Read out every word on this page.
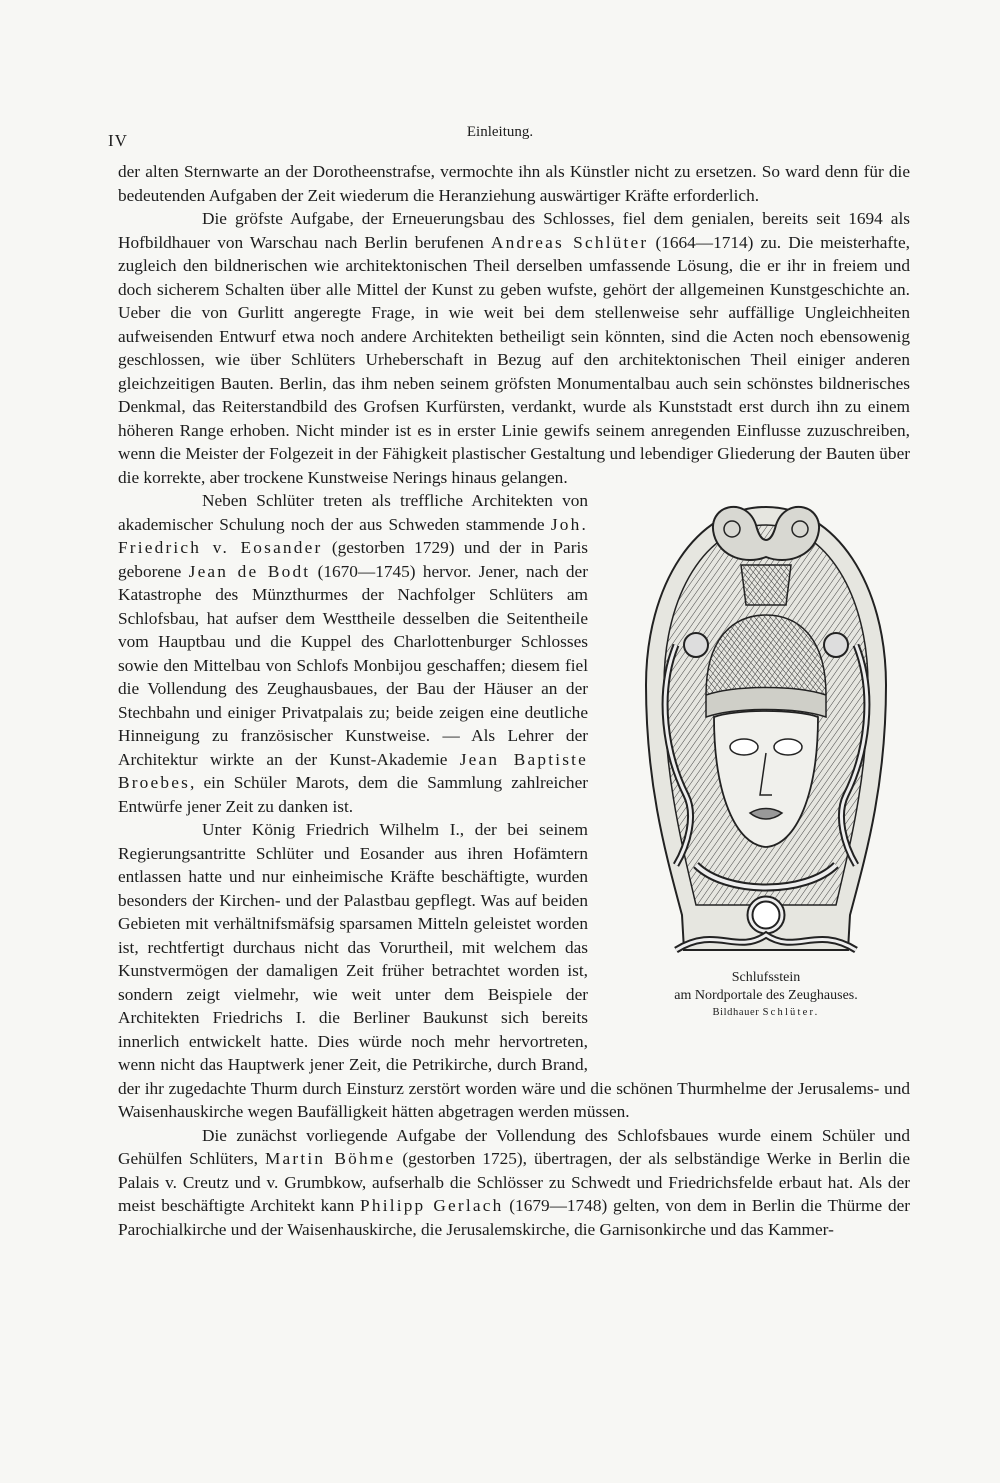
IV	Einleitung.

der alten Sternwarte an der Dorotheenstrafse, vermochte ihn als Künstler nicht zu ersetzen. So ward denn für die bedeutenden Aufgaben der Zeit wiederum die Heranziehung auswärtiger Kräfte erforderlich.

Die gröfste Aufgabe, der Erneuerungsbau des Schlosses, fiel dem genialen, bereits seit 1694 als Hofbildhauer von Warschau nach Berlin berufenen Andreas Schlüter (1664—1714) zu. Die meisterhafte, zugleich den bildnerischen wie architektonischen Theil derselben umfassende Lösung, die er ihr in freiem und doch sicherem Schalten über alle Mittel der Kunst zu geben wufste, gehört der allgemeinen Kunstgeschichte an. Ueber die von Gurlitt angeregte Frage, in wie weit bei dem stellenweise sehr auffällige Ungleichheiten aufweisenden Entwurf etwa noch andere Architekten betheiligt sein könnten, sind die Acten noch ebensowenig geschlossen, wie über Schlüters Urheberschaft in Bezug auf den architektonischen Theil einiger anderen gleichzeitigen Bauten. Berlin, das ihm neben seinem gröfsten Monumentalbau auch sein schönstes bildnerisches Denkmal, das Reiterstandbild des Grofsen Kurfürsten, verdankt, wurde als Kunststadt erst durch ihn zu einem höheren Range erhoben. Nicht minder ist es in erster Linie gewifs seinem anregenden Einflusse zuzuschreiben, wenn die Meister der Folgezeit in der Fähigkeit plastischer Gestaltung und lebendiger Gliederung der Bauten über die korrekte, aber trockene Kunstweise Nerings hinaus gelangen.

Schlufsstein
am Nordportale des Zeughauses.
Bildhauer Schlüter.

Neben Schlüter treten als treffliche Architekten von akademischer Schulung noch der aus Schweden stammende Joh. Friedrich v. Eosander (gestorben 1729) und der in Paris geborene Jean de Bodt (1670—1745) hervor. Jener, nach der Katastrophe des Münzthurmes der Nachfolger Schlüters am Schlofsbau, hat aufser dem Westtheile desselben die Seitentheile vom Hauptbau und die Kuppel des Charlottenburger Schlosses sowie den Mittelbau von Schlofs Monbijou geschaffen; diesem fiel die Vollendung des Zeughausbaues, der Bau der Häuser an der Stechbahn und einiger Privatpalais zu; beide zeigen eine deutliche Hinneigung zu französischer Kunstweise. — Als Lehrer der Architektur wirkte an der Kunst-Akademie Jean Baptiste Broebes, ein Schüler Marots, dem die Sammlung zahlreicher Entwürfe jener Zeit zu danken ist.

Unter König Friedrich Wilhelm I., der bei seinem Regierungsantritte Schlüter und Eosander aus ihren Hofämtern entlassen hatte und nur einheimische Kräfte beschäftigte, wurden besonders der Kirchen- und der Palastbau gepflegt. Was auf beiden Gebieten mit verhältnifsmäfsig sparsamen Mitteln geleistet worden ist, rechtfertigt durchaus nicht das Vorurtheil, mit welchem das Kunstvermögen der damaligen Zeit früher betrachtet worden ist, sondern zeigt vielmehr, wie weit unter dem Beispiele der Architekten Friedrichs I. die Berliner Baukunst sich bereits innerlich entwickelt hatte. Dies würde noch mehr hervortreten, wenn nicht das Hauptwerk jener Zeit, die Petrikirche, durch Brand, der ihr zugedachte Thurm durch Einsturz zerstört worden wäre und die schönen Thurmhelme der Jerusalems- und Waisenhauskirche wegen Baufälligkeit hätten abgetragen werden müssen.

Die zunächst vorliegende Aufgabe der Vollendung des Schlofsbaues wurde einem Schüler und Gehülfen Schlüters, Martin Böhme (gestorben 1725), übertragen, der als selbständige Werke in Berlin die Palais v. Creutz und v. Grumbkow, aufserhalb die Schlösser zu Schwedt und Friedrichsfelde erbaut hat. Als der meist beschäftigte Architekt kann Philipp Gerlach (1679—1748) gelten, von dem in Berlin die Thürme der Parochialkirche und der Waisenhauskirche, die Jerusalemskirche, die Garnisonkirche und das Kammer-
